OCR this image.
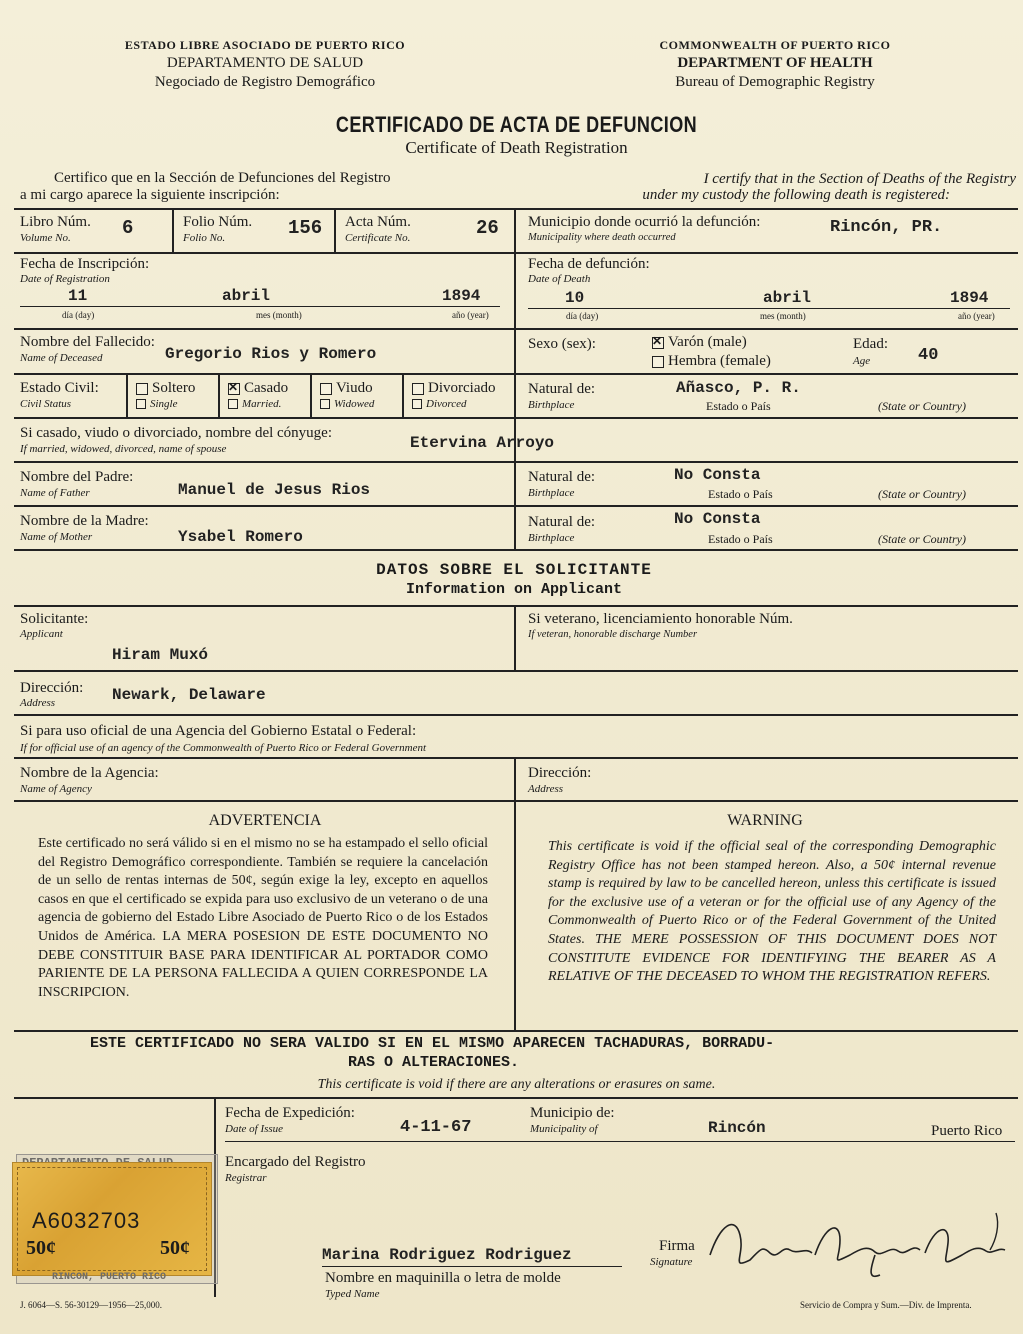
ESTADO LIBRE ASOCIADO DE PUERTO RICO
DEPARTAMENTO DE SALUD
Negociado de Registro Demográfico
COMMONWEALTH OF PUERTO RICO
DEPARTMENT OF HEALTH
Bureau of Demographic Registry
CERTIFICADO DE ACTA DE DEFUNCION
Certificate of Death Registration
Certifico que en la Sección de Defunciones del Registro
a mi cargo aparece la siguiente inscripción:
I certify that in the Section of Deaths of the Registry
under my custody the following death is registered:
Libro Núm.
Volume No.	6	Folio Núm.
Folio No.	156 Acta Núm.
Certificate No.	26 Municipio donde ocurrió la defunción:
Municipality where death occurred
Rincón, PR.
Fecha de Inscripción:
Date of Registration
11	abril	1894
día (day)	mes (month)	año (year)
Fecha de defunción:
Date of Death
10	abril	1894
día (day)	mes (month)	año (year)
Nombre del Fallecido:
Name of Deceased	Gregorio Rios y Romero
Sexo (sex):
✕	Varón (male)
Hembra (female)
Edad:
Age	40
Estado Civil:
Civil Status
Soltero
Single
✕Casado
Married.
Viudo
Widowed
Divorciado
Divorced
Natural de:
Birthplace
Añasco, P. R.
Estado o País	(State or Country)
Si casado, viudo o divorciado, nombre del cónyuge:
If married, widowed, divorced, name of spouse	Etervina Arroyo
Nombre del Padre:
Name of Father	Manuel de Jesus Rios
Natural de:
Birthplace
No Consta
Estado o País	(State or Country)
Nombre de la Madre:
Name of Mother	Ysabel Romero
Natural de:
Birthplace
No Consta
Estado o País	(State or Country)
DATOS SOBRE EL SOLICITANTE
Information on Applicant
Solicitante:
Applicant
Hiram Muxó
Si veterano, licenciamiento honorable Núm.
If veteran, honorable discharge Number
Dirección:
Address	Newark, Delaware
Si para uso oficial de una Agencia del Gobierno Estatal o Federal:
If for official use of an agency of the Commonwealth of Puerto Rico or Federal Government
Nombre de la Agencia:
Name of Agency
Dirección:
Address
ADVERTENCIA
Este certificado no será válido si en el mismo no se ha estampado el sello oficial del Registro Demográfico correspondiente. También se requiere la cancelación de un sello de rentas internas de 50¢, según exige la ley, excepto en aquellos casos en que el certificado se expida para uso exclusivo de un veterano o de una agencia de gobierno del Estado Libre Asociado de Puerto Rico o de los Estados Unidos de América. LA MERA POSESION DE ESTE DOCUMENTO NO DEBE CONSTITUIR BASE PARA IDENTIFICAR AL PORTADOR COMO PARIENTE DE LA PERSONA FALLECIDA A QUIEN CORRESPONDE LA INSCRIPCION.
WARNING
This certificate is void if the official seal of the corresponding Demographic Registry Office has not been stamped hereon. Also, a 50¢ internal revenue stamp is required by law to be cancelled hereon, unless this certificate is issued for the exclusive use of a veteran or for the official use of any Agency of the Commonwealth of Puerto Rico or of the Federal Government of the United States. THE MERE POSSESSION OF THIS DOCUMENT DOES NOT CONSTITUTE EVIDENCE FOR IDENTIFYING THE BEARER AS A RELATIVE OF THE DECEASED TO WHOM THE REGISTRATION REFERS.
ESTE CERTIFICADO NO SERA VALIDO SI EN EL MISMO APARECEN TACHADURAS, BORRADU-
RAS O ALTERACIONES.
This certificate is void if there are any alterations or erasures on same.
Fecha de Expedición:
Date of Issue	4-11-67
Municipio de:
Municipality of	Rincón	Puerto Rico
Encargado del Registro
Registrar
Marina Rodriguez Rodriguez
Nombre en maquinilla o letra de molde
Typed Name
Firma
Signature
A6032703
50¢	50¢
RINCON, PUERTO RICO
J. 6064—S. 56-30129—1956—25,000.	Servicio de Compra y Sum.—Div. de Imprenta.
